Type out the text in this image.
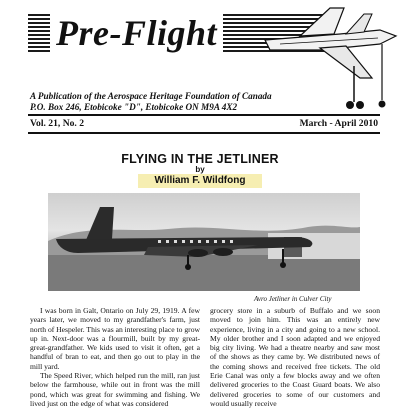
Pre-Flight
A Publication of the Aerospace Heritage Foundation of Canada
P.O. Box 246, Etobicoke "D", Etobicoke ON M9A 4X2
Vol. 21, No. 2	March - April 2010
FLYING IN THE JETLINER
by
William F. Wildfong
Avro Jetliner in Culver City

I was born in Galt, Ontario on July 29, 1919. A few years later, we moved to my grandfather's farm, just north of Hespeler. This was an interesting place to grow up in. Next-door was a flourmill, built by my great-great-grandfather. We kids used to visit it often, get a handful of bran to eat, and then go out to play in the mill yard.

The Speed River, which helped run the mill, ran just below the farmhouse, while out in front was the mill pond, which was great for swimming and fishing. We lived just on the edge of what was considered

grocery store in a suburb of Buffalo and we soon moved to join him. This was an entirely new experience, living in a city and going to a new school. My older brother and I soon adapted and we enjoyed big city living. We had a theatre nearby and saw most of the shows as they came by. We distributed news of the coming shows and received free tickets. The old Erie Canal was only a few blocks away and we often delivered groceries to the Coast Guard boats. We also delivered groceries to some of our customers and would usually receive
